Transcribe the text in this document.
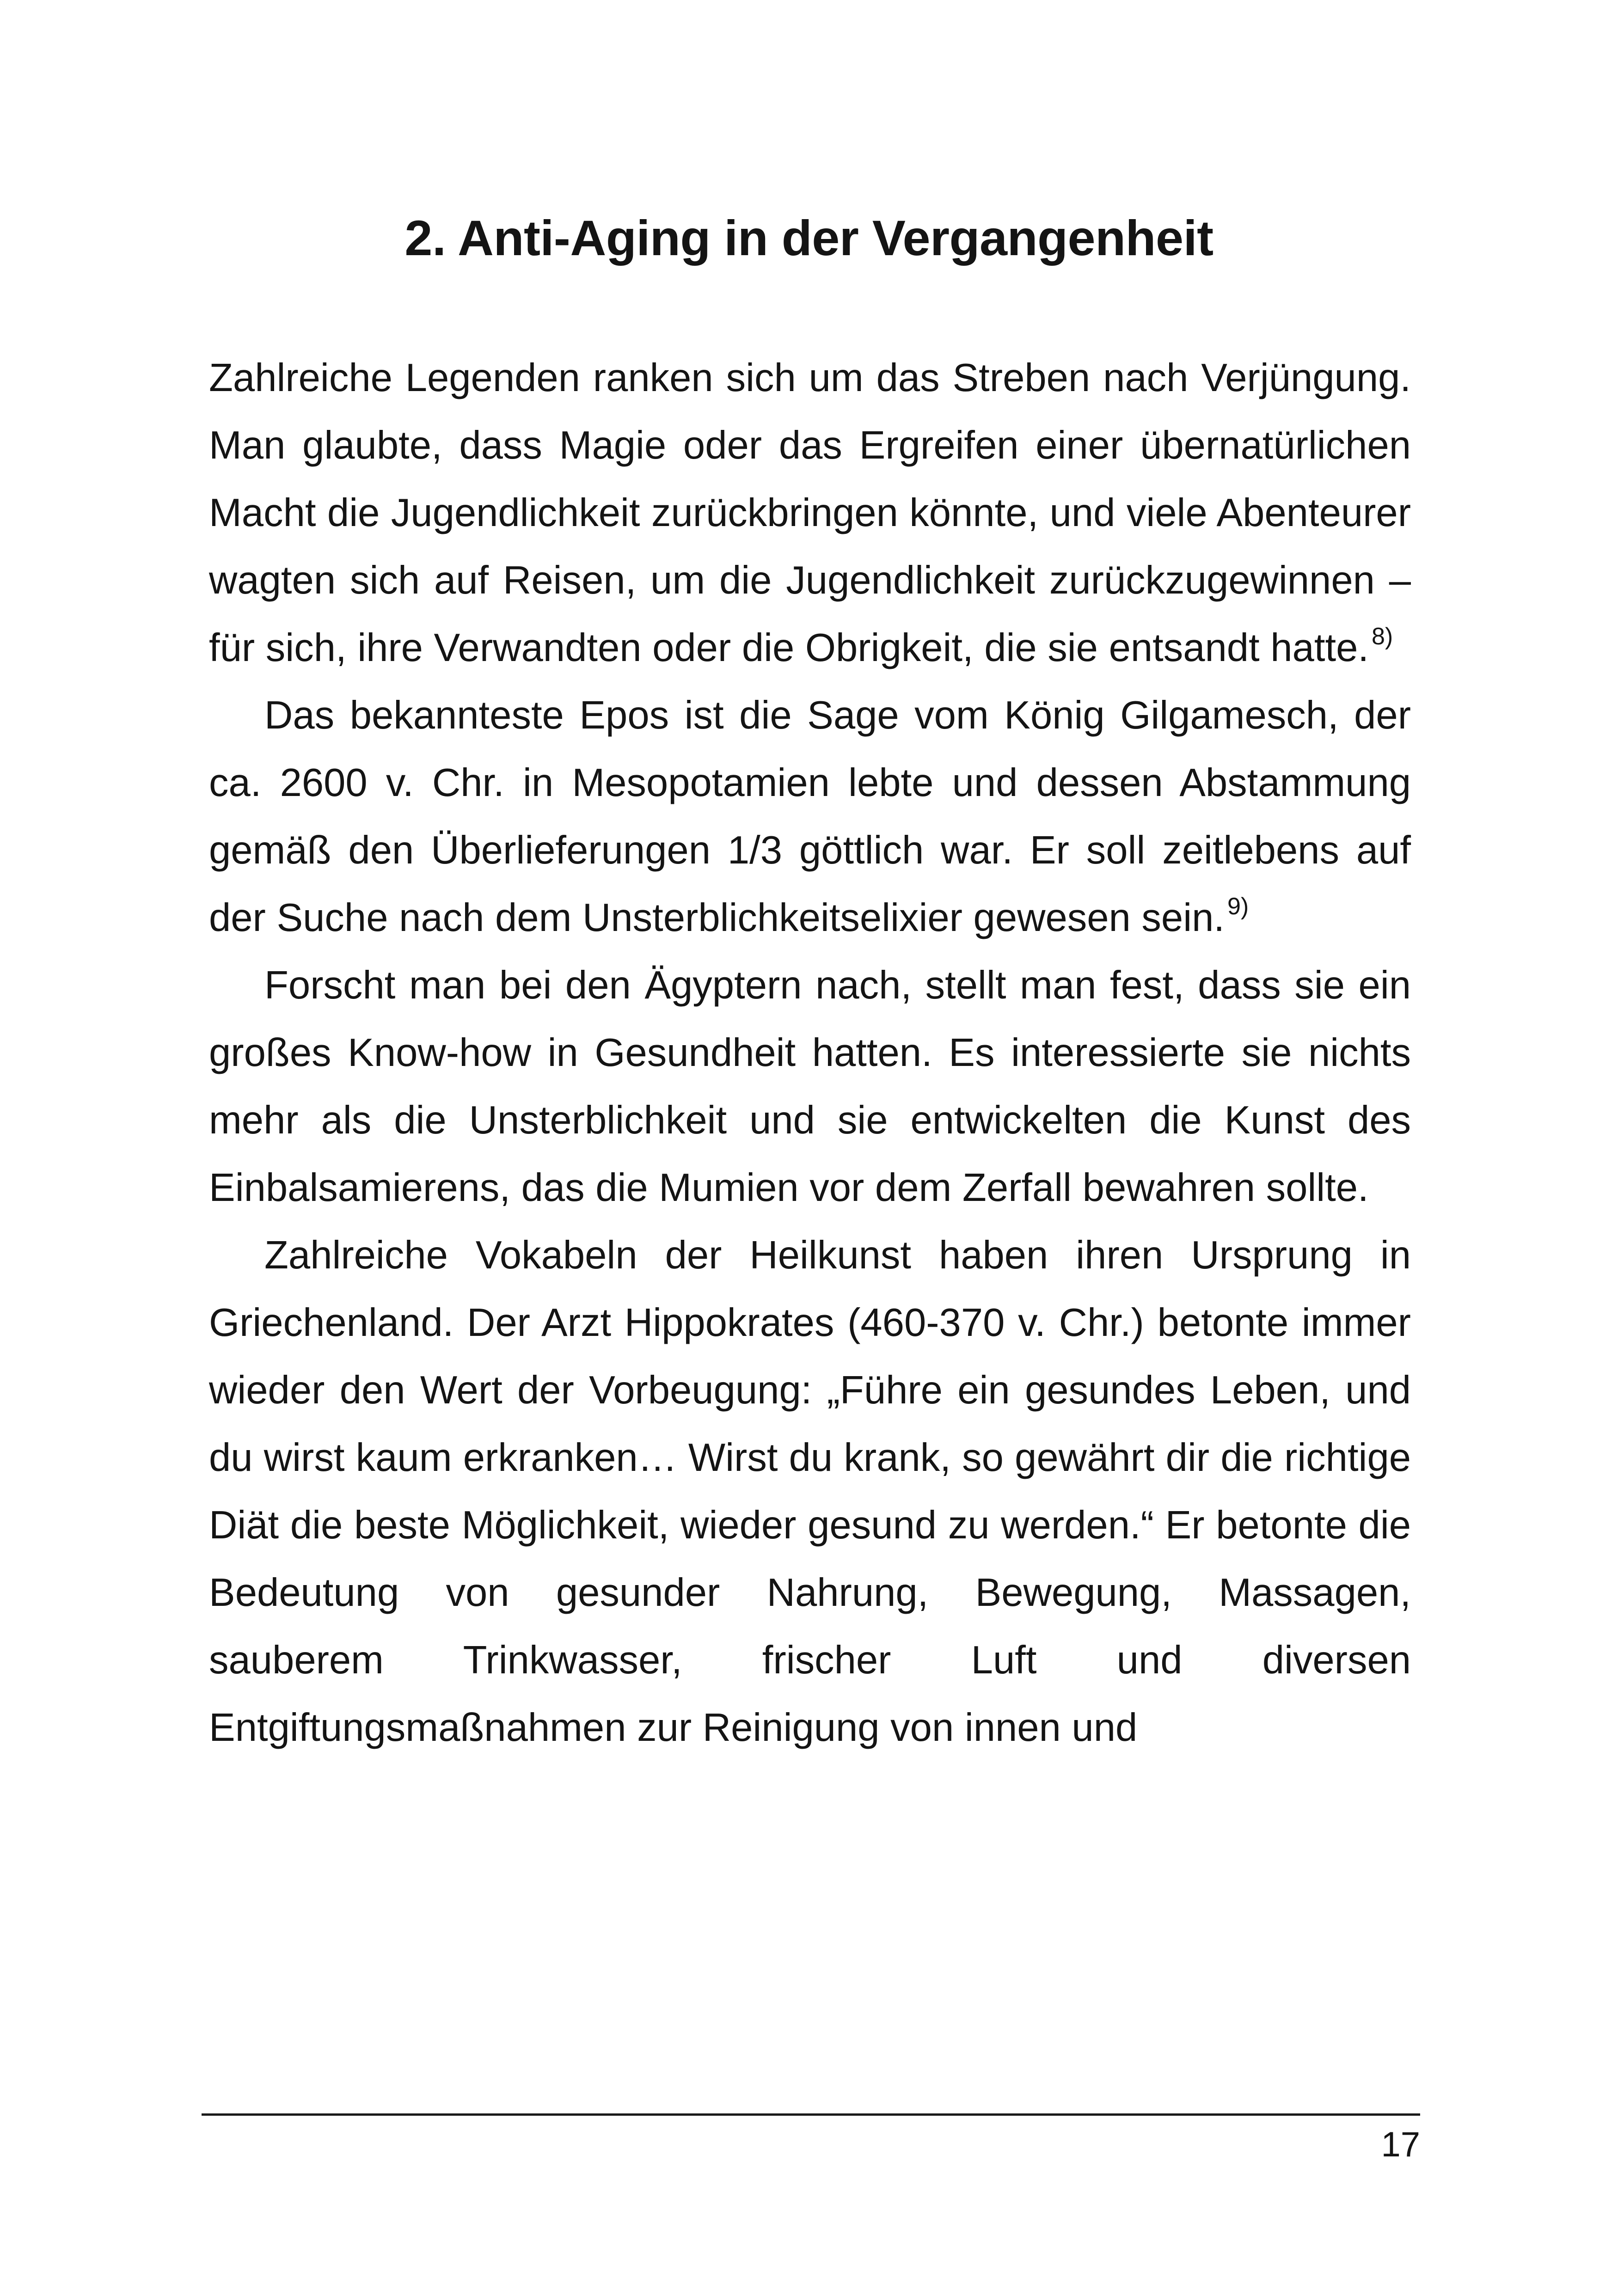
2. Anti-Aging in der Vergangenheit

Zahlreiche Legenden ranken sich um das Streben nach Verjüngung. Man glaubte, dass Magie oder das Ergreifen einer übernatürlichen Macht die Jugendlichkeit zurückbringen könnte, und viele Abenteurer wagten sich auf Reisen, um die Jugendlichkeit zurückzugewinnen – für sich, ihre Verwandten oder die Obrigkeit, die sie entsandt hatte. $^{8)}$

Das bekannteste Epos ist die Sage vom König Gilgamesch, der ca. 2600 v. Chr. in Mesopotamien lebte und dessen Abstammung gemäß den Überlieferungen 1/3 göttlich war. Er soll zeitlebens auf der Suche nach dem Unsterblichkeitselixier gewesen sein. $^{9)}$

Forscht man bei den Ägyptern nach, stellt man fest, dass sie ein großes Know-how in Gesundheit hatten. Es interessierte sie nichts mehr als die Unsterblichkeit und sie entwickelten die Kunst des Einbalsamierens, das die Mumien vor dem Zerfall bewahren sollte.

Zahlreiche Vokabeln der Heilkunst haben ihren Ursprung in Griechenland. Der Arzt Hippokrates (460-370 v. Chr.) betonte immer wieder den Wert der Vorbeugung: „Führe ein gesundes Leben, und du wirst kaum erkranken… Wirst du krank, so gewährt dir die richtige Diät die beste Möglichkeit, wieder gesund zu werden.“ Er betonte die Bedeutung von gesunder Nahrung, Bewegung, Massagen, sauberem Trinkwasser, frischer Luft und diversen Entgiftungsmaßnahmen zur Reinigung von innen und

17
